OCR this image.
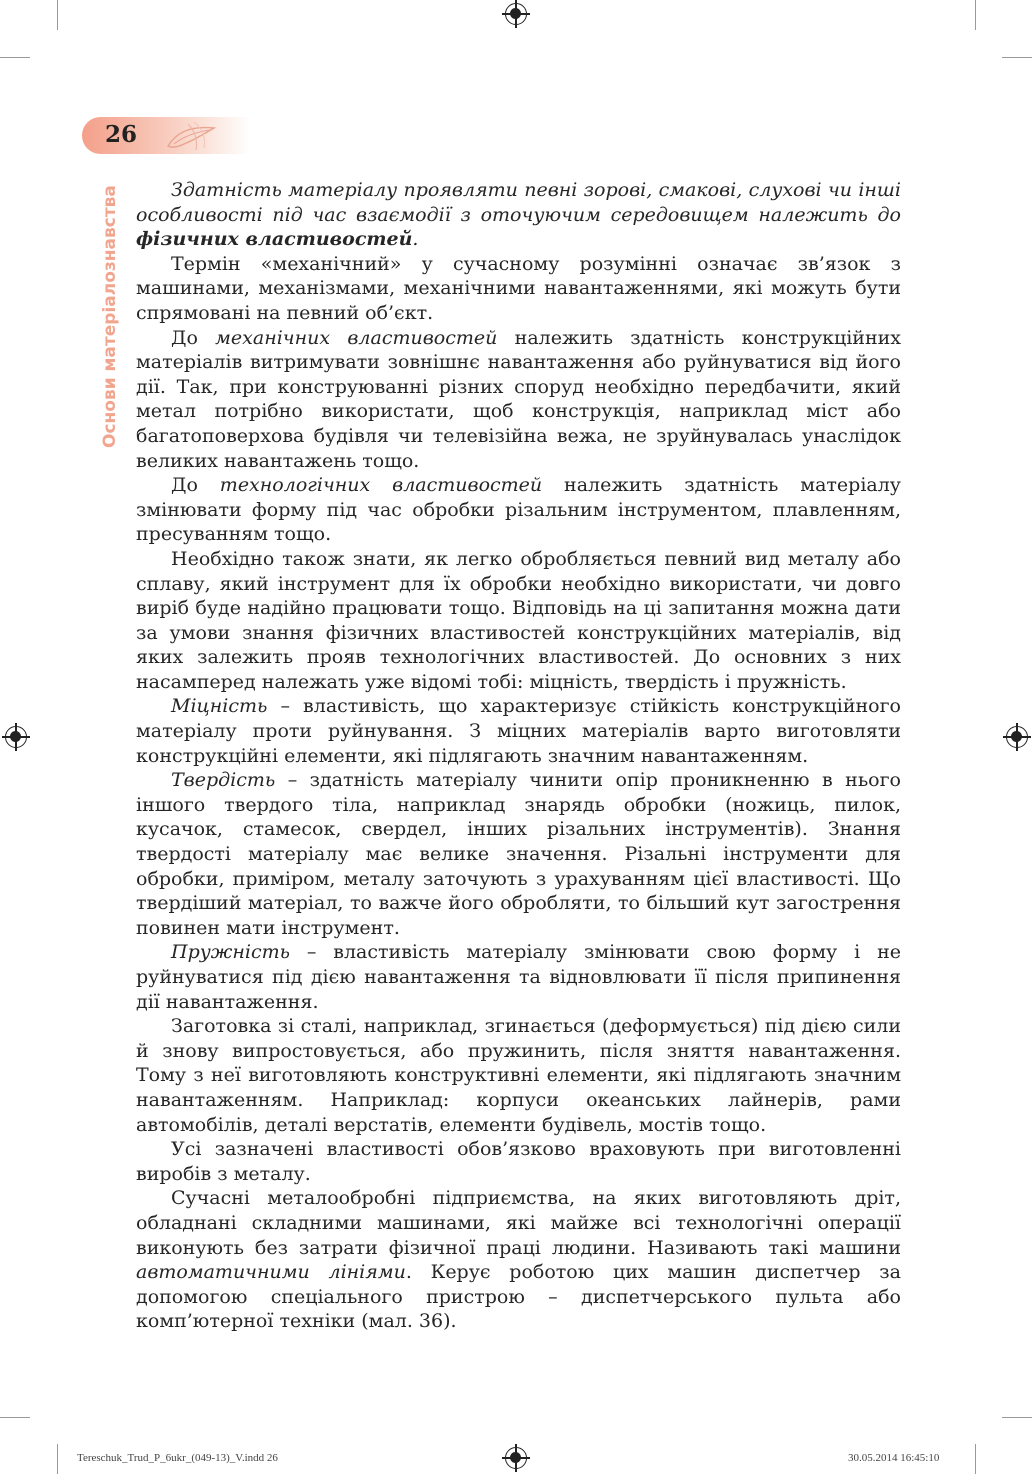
26
Основи матеріалознавства	Здатність матеріалу проявляти певні зорові, смакові, слухові чи інші особливості під час взаємодії з оточуючим середовищем належить до фізичних властивостей.

Термін «механічний» у сучасному розумінні означає зв’язок з машинами, механізмами, механічними навантаженнями, які можуть бути спрямовані на певний об’єкт.

До механічних властивостей належить здатність конструкційних матеріалів витримувати зовнішнє навантаження або руйнуватися від його дії. Так, при конструюванні різних споруд необхідно передбачити, який метал потрібно використати, щоб конструкція, наприклад міст або багатоповерхова будівля чи телевізійна вежа, не зруйнувалась унаслідок великих навантажень тощо.

До технологічних властивостей належить здатність матеріалу змінювати форму під час обробки різальним інструментом, плавленням, пресуванням тощо.

Необхідно також знати, як легко обробляється певний вид металу або сплаву, який інструмент для їх обробки необхідно використати, чи довго виріб буде надійно працювати тощо. Відповідь на ці запитання можна дати за умови знання фізичних властивостей конструкційних матеріалів, від яких залежить прояв технологічних властивостей. До основних з них насамперед належать уже відомі тобі: міцність, твердість і пружність.

Міцність – властивість, що характеризує стійкість конструкційного матеріалу проти руйнування. З міцних матеріалів варто виготовляти конструкційні елементи, які підлягають значним навантаженням.

Твердість – здатність матеріалу чинити опір проникненню в нього іншого твердого тіла, наприклад знарядь обробки (ножиць, пилок, кусачок, стамесок, свердел, інших різальних інструментів). Знання твердості матеріалу має велике значення. Різальні інструменти для обробки, приміром, металу заточують з урахуванням цієї властивості. Що твердіший матеріал, то важче його обробляти, то більший кут загострення повинен мати інструмент.

Пружність – властивість матеріалу змінювати свою форму і не руйнуватися під дією навантаження та відновлювати її після припинення дії навантаження.

Заготовка зі сталі, наприклад, згинається (деформується) під дією сили й знову випростовується, або пружинить, після зняття навантаження. Тому з неї виготовляють конструктивні елементи, які підлягають значним навантаженням. Наприклад: корпуси океанських лайнерів, рами автомобілів, деталі верстатів, елементи будівель, мостів тощо.

Усі зазначені властивості обов’язково враховують при виготовленні виробів з металу.

Сучасні металообробні підприємства, на яких виготовляють дріт, обладнані складними машинами, які майже всі технологічні операції виконують без затрати фізичної праці людини. Називають такі машини автоматичними лініями. Керує роботою цих машин диспетчер за допомогою спеціального пристрою – диспетчерського пульта або комп’ютерної техніки (мал. 36).

Tereschuk_Trud_P_6ukr_(049-13)_V.indd 26	30.05.2014 16:45:10
